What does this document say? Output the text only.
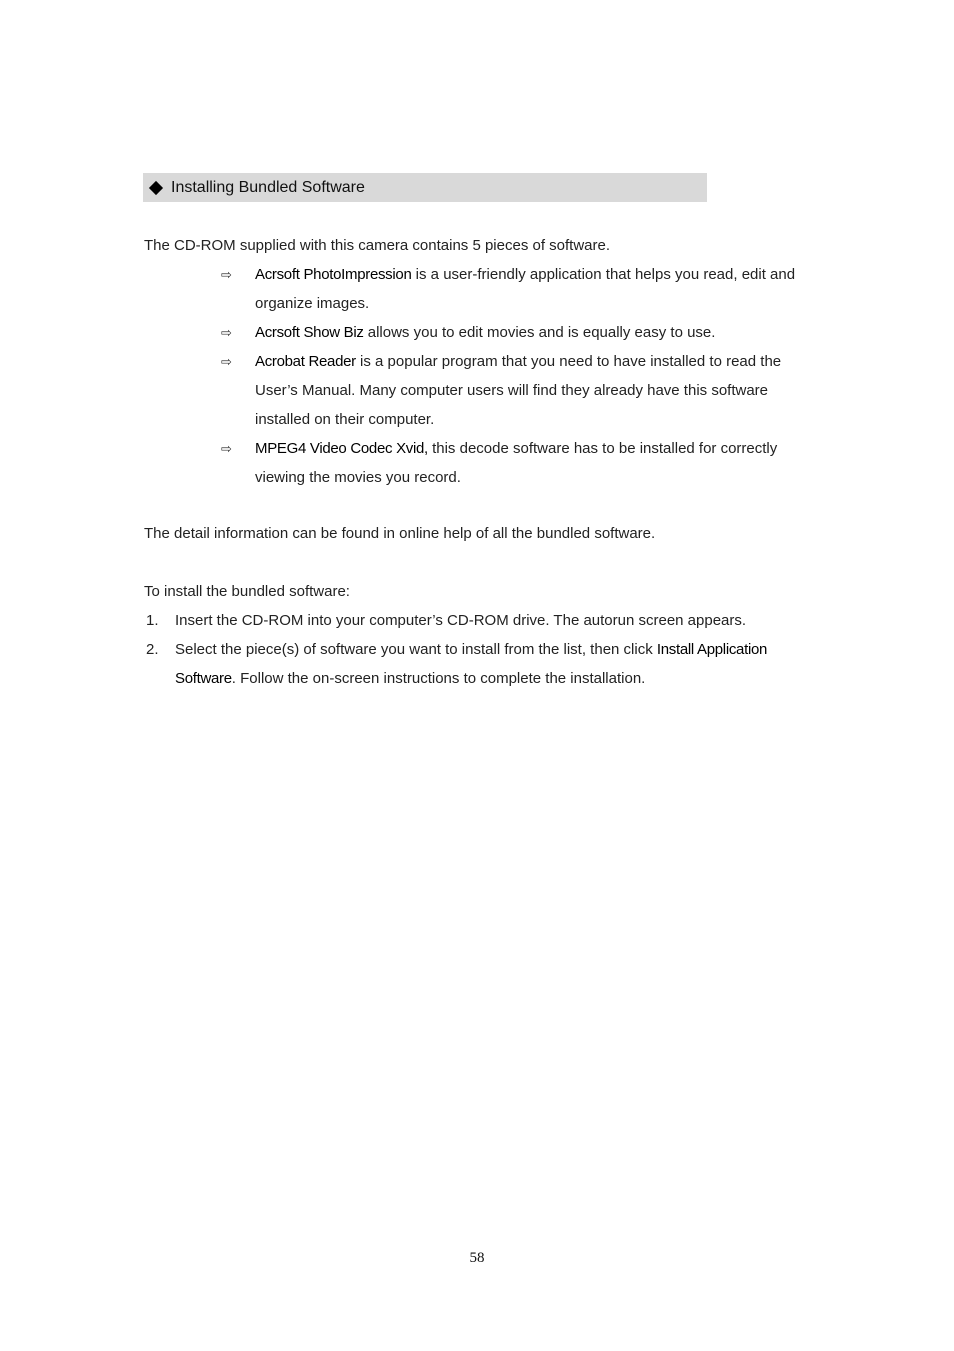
Installing Bundled Software
The CD-ROM supplied with this camera contains 5 pieces of software.
⇨	Acrsoft PhotoImpression is a user-friendly application that helps you read, edit and organize images.
⇨	Acrsoft Show Biz allows you to edit movies and is equally easy to use.
⇨	Acrobat Reader is a popular program that you need to have installed to read the User’s Manual. Many computer users will find they already have this software installed on their computer.
⇨	MPEG4 Video Codec Xvid, this decode software has to be installed for correctly viewing the movies you record.
The detail information can be found in online help of all the bundled software.
To install the bundled software:
1.	Insert the CD-ROM into your computer’s CD-ROM drive. The autorun screen appears.
2.	Select the piece(s) of software you want to install from the list, then click Install Application Software. Follow the on-screen instructions to complete the installation.
58
